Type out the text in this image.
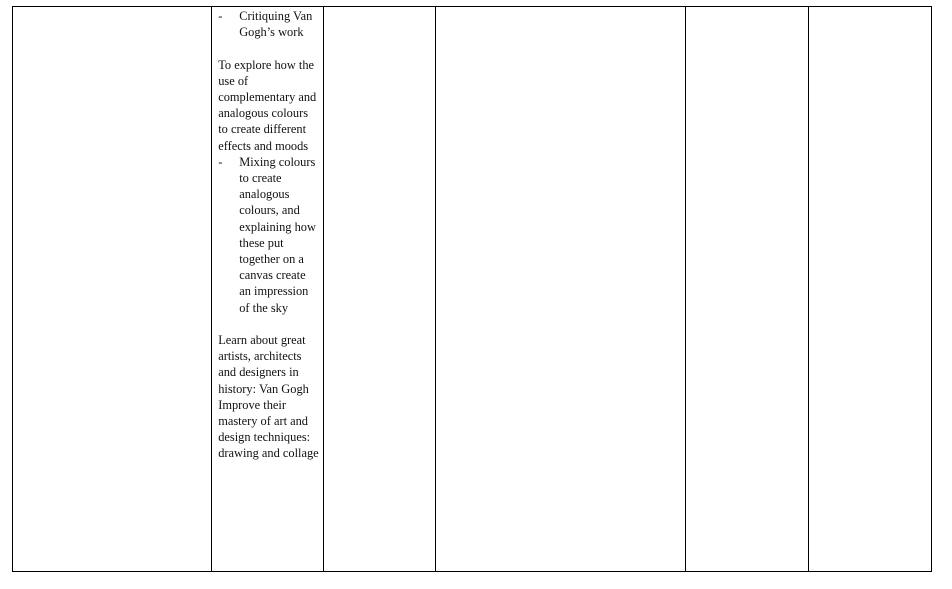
-	Critiquing Van Gogh’s work

To explore how the use of complementary and analogous colours to create different effects and moods

-	Mixing colours to create analogous colours, and explaining how these put together on a canvas create an impression of the sky

Learn about great artists, architects and designers in history: Van Gogh

Improve their mastery of art and design techniques: drawing and collage
